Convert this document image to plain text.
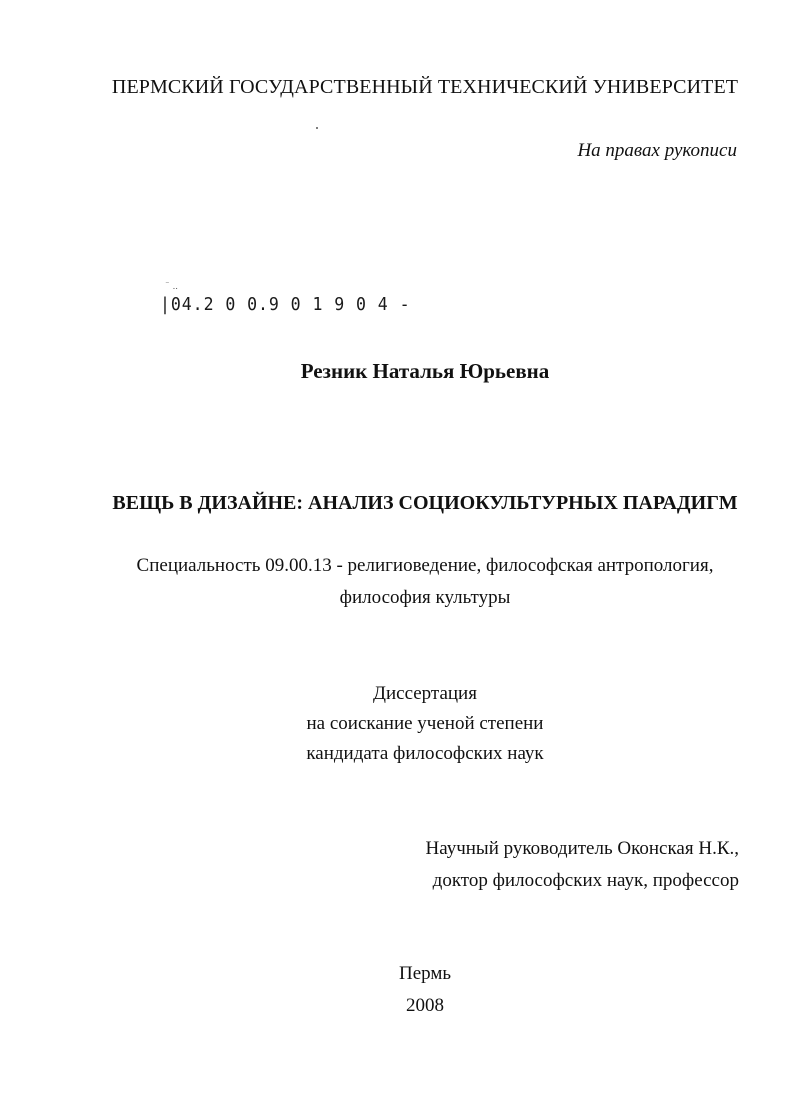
ПЕРМСКИЙ ГОСУДАРСТВЕННЫЙ ТЕХНИЧЕСКИЙ УНИВЕРСИТЕТ

На правах рукописи

‾ ‥

|04.2 0 0.9 0 1 9 0 4 ‐

Резник Наталья Юрьевна

ВЕЩЬ В ДИЗАЙНЕ: АНАЛИЗ СОЦИОКУЛЬТУРНЫХ ПАРАДИГМ

Специальность 09.00.13 - религиоведение, философская антропология,

философия культуры

Диссертация

на соискание ученой степени

кандидата философских наук

Научный руководитель Оконская Н.К.,

доктор философских наук, профессор

Пермь

2008
